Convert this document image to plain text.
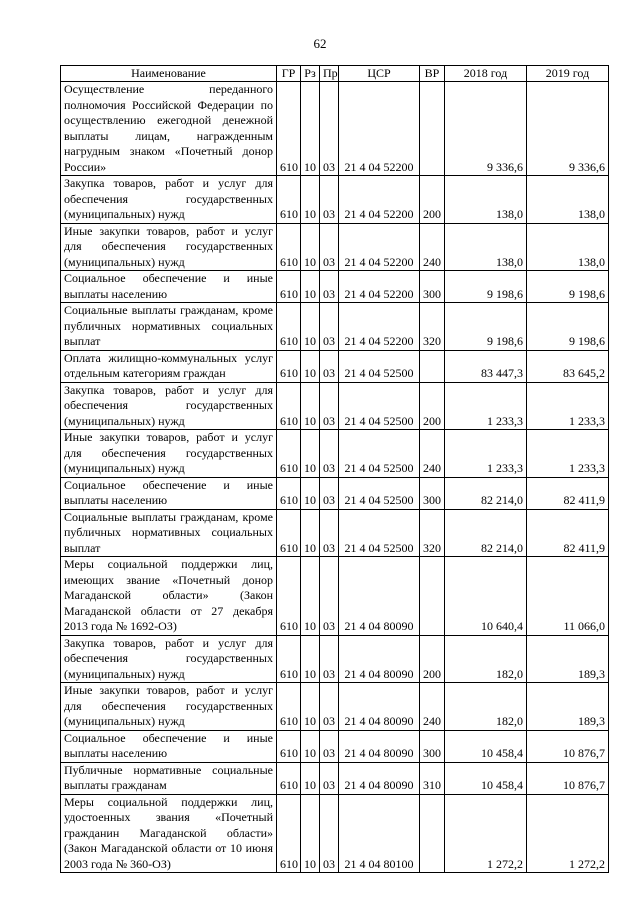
62
Наименование	ГР	Рз	Пр	ЦСР	ВР	2018 год	2019 год
Осуществление переданного полномочия Российской Федерации по осуществлению ежегодной денежной выплаты лицам, награжденным нагрудным знаком «Почетный донор России»	610	10	03	21 4 04 52200		9 336,6	9 336,6
Закупка товаров, работ и услуг для обеспечения государственных (муниципальных) нужд	610	10	03	21 4 04 52200	200	138,0	138,0
Иные закупки товаров, работ и услуг для обеспечения государственных (муниципальных) нужд	610	10	03	21 4 04 52200	240	138,0	138,0
Социальное обеспечение и иные выплаты населению	610	10	03	21 4 04 52200	300	9 198,6	9 198,6
Социальные выплаты гражданам, кроме публичных нормативных социальных выплат	610	10	03	21 4 04 52200	320	9 198,6	9 198,6
Оплата жилищно-коммунальных услуг отдельным категориям граждан	610	10	03	21 4 04 52500		83 447,3	83 645,2
Закупка товаров, работ и услуг для обеспечения государственных (муниципальных) нужд	610	10	03	21 4 04 52500	200	1 233,3	1 233,3
Иные закупки товаров, работ и услуг для обеспечения государственных (муниципальных) нужд	610	10	03	21 4 04 52500	240	1 233,3	1 233,3
Социальное обеспечение и иные выплаты населению	610	10	03	21 4 04 52500	300	82 214,0	82 411,9
Социальные выплаты гражданам, кроме публичных нормативных социальных выплат	610	10	03	21 4 04 52500	320	82 214,0	82 411,9
Меры социальной поддержки лиц, имеющих звание «Почетный донор Магаданской области» (Закон Магаданской области от 27 декабря 2013 года № 1692-ОЗ)	610	10	03	21 4 04 80090		10 640,4	11 066,0
Закупка товаров, работ и услуг для обеспечения государственных (муниципальных) нужд	610	10	03	21 4 04 80090	200	182,0	189,3
Иные закупки товаров, работ и услуг для обеспечения государственных (муниципальных) нужд	610	10	03	21 4 04 80090	240	182,0	189,3
Социальное обеспечение и иные выплаты населению	610	10	03	21 4 04 80090	300	10 458,4	10 876,7
Публичные нормативные социальные выплаты гражданам	610	10	03	21 4 04 80090	310	10 458,4	10 876,7
Меры социальной поддержки лиц, удостоенных звания «Почетный гражданин Магаданской области» (Закон Магаданской области от 10 июня 2003 года № 360-ОЗ)	610	10	03	21 4 04 80100		1 272,2	1 272,2
